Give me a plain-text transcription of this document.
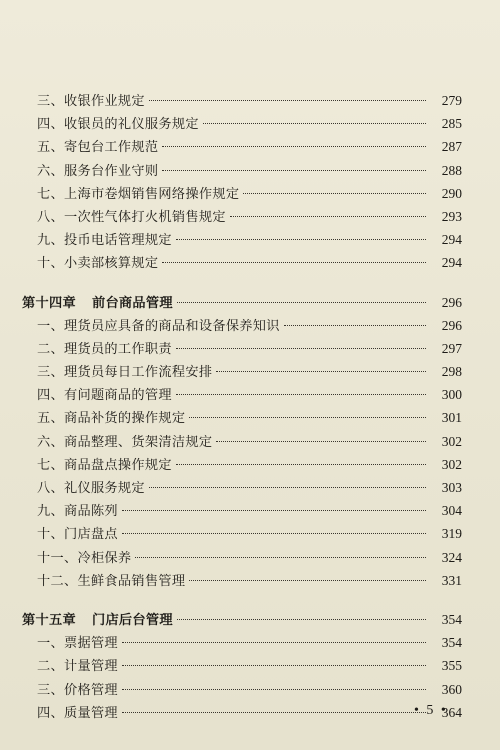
三、收银作业规定	279
四、收银员的礼仪服务规定	285
五、寄包台工作规范	287
六、服务台作业守则	288
七、上海市卷烟销售网络操作规定	290
八、一次性气体打火机销售规定	293
九、投币电话管理规定	294
十、小卖部核算规定	294
第十四章 前台商品管理	296
一、理货员应具备的商品和设备保养知识	296
二、理货员的工作职责	297
三、理货员每日工作流程安排	298
四、有问题商品的管理	300
五、商品补货的操作规定	301
六、商品整理、货架清洁规定	302
七、商品盘点操作规定	302
八、礼仪服务规定	303
九、商品陈列	304
十、门店盘点	319
十一、冷柜保养	324
十二、生鲜食品销售管理	331
第十五章 门店后台管理	354
一、票据管理	354
二、计量管理	355
三、价格管理	360
四、质量管理	364
• 5 •
